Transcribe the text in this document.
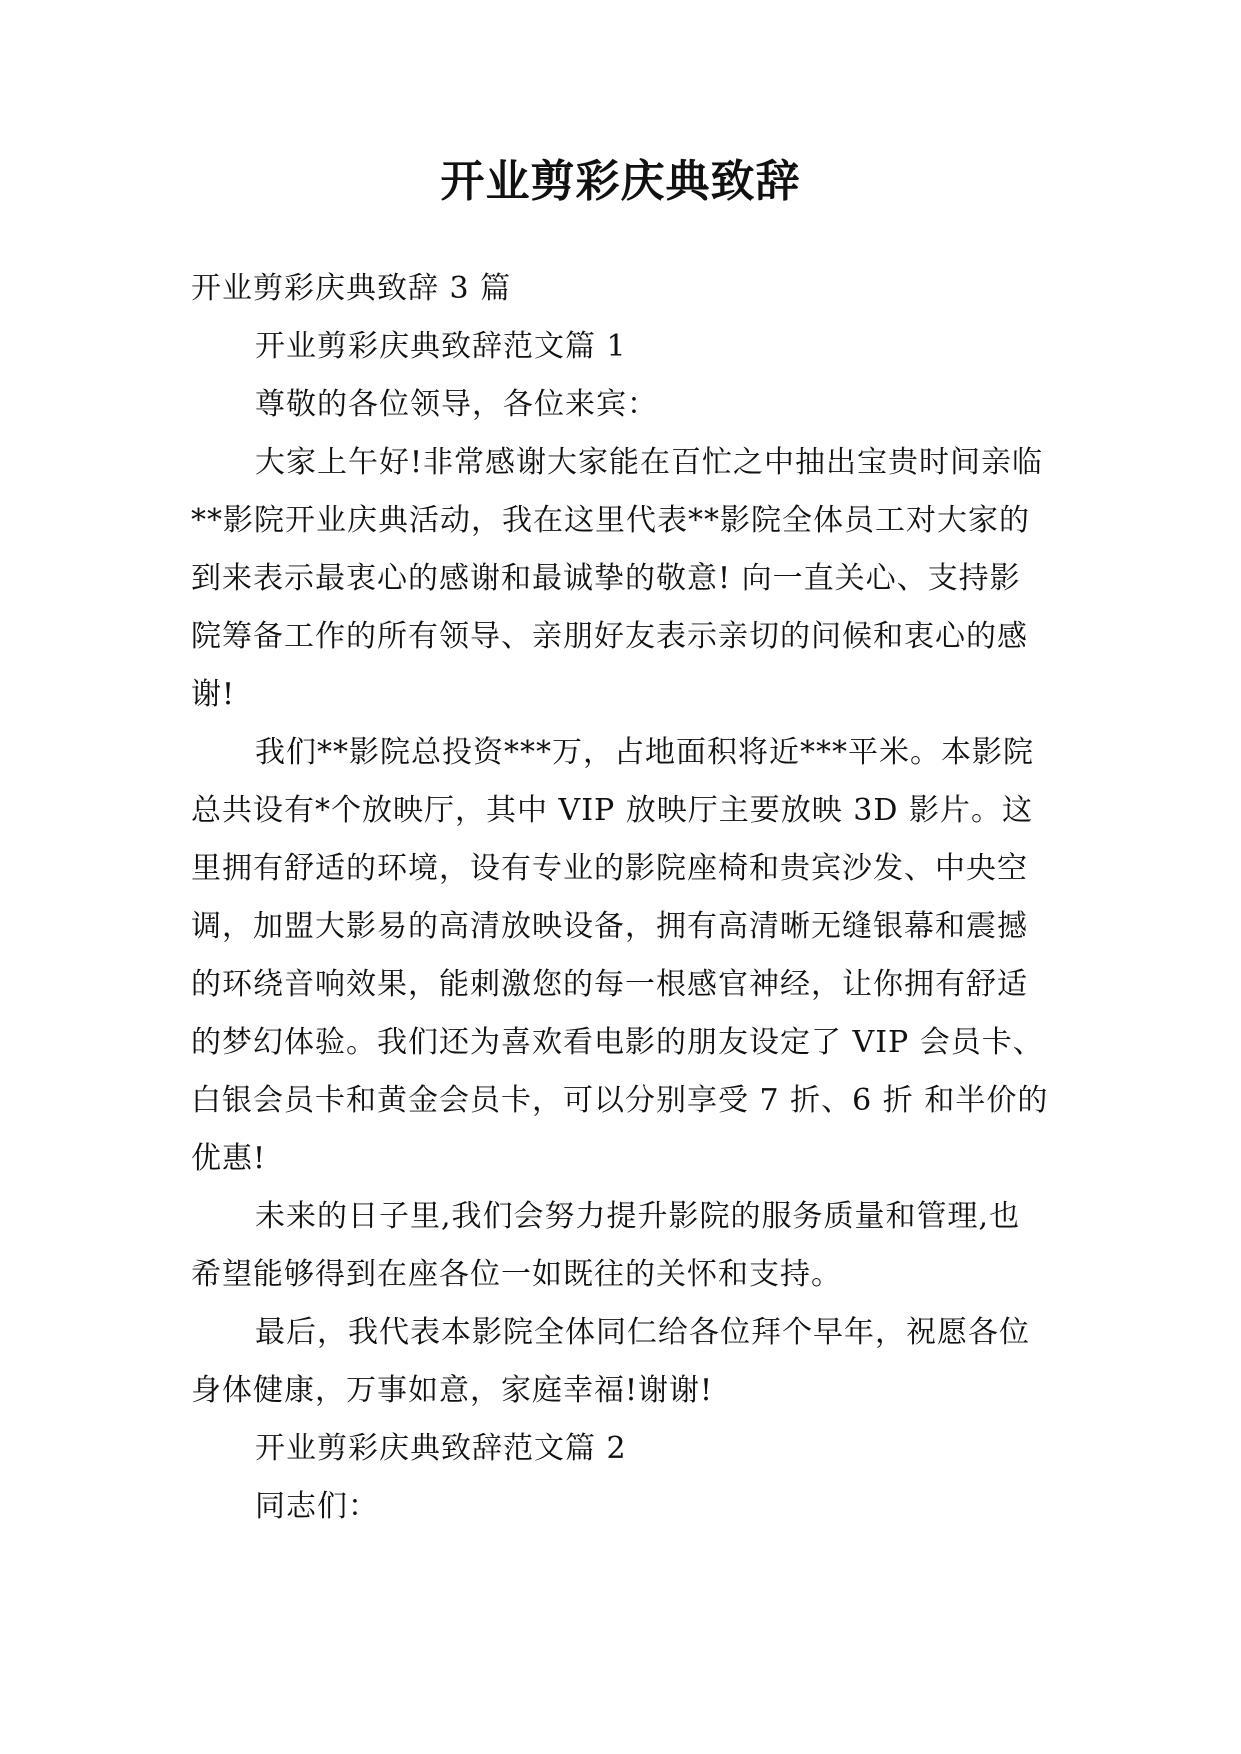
开业剪彩庆典致辞

开业剪彩庆典致辞 3 篇

开业剪彩庆典致辞范文篇 1

尊敬的各位领导，各位来宾：

大家上午好!非常感谢大家能在百忙之中抽出宝贵时间亲临**影院开业庆典活动，我在这里代表**影院全体员工对大家的到来表示最衷心的感谢和最诚挚的敬意! 向一直关心、支持影院筹备工作的所有领导、亲朋好友表示亲切的问候和衷心的感谢!

我们**影院总投资***万，占地面积将近***平米。本影院总共设有*个放映厅，其中 VIP 放映厅主要放映 3D 影片。这里拥有舒适的环境，设有专业的影院座椅和贵宾沙发、中央空调，加盟大影易的高清放映设备，拥有高清晰无缝银幕和震撼的环绕音响效果，能刺激您的每一根感官神经，让你拥有舒适的梦幻体验。我们还为喜欢看电影的朋友设定了 VIP 会员卡、白银会员卡和黄金会员卡，可以分别享受 7 折、6 折 和半价的优惠!

未来的日子里,我们会努力提升影院的服务质量和管理,也希望能够得到在座各位一如既往的关怀和支持。

最后，我代表本影院全体同仁给各位拜个早年，祝愿各位身体健康，万事如意，家庭幸福!谢谢!

开业剪彩庆典致辞范文篇 2

同志们：
